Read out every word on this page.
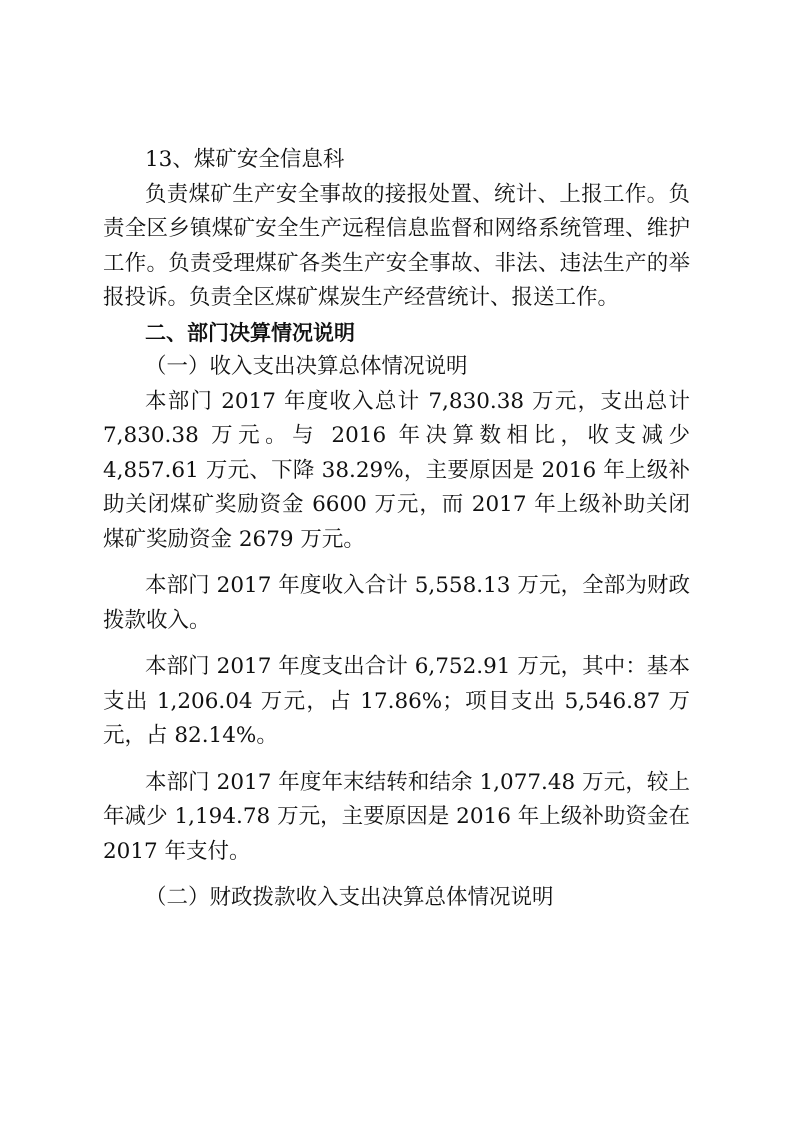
13、煤矿安全信息科

负责煤矿生产安全事故的接报处置、统计、上报工作。负责全区乡镇煤矿安全生产远程信息监督和网络系统管理、维护工作。负责受理煤矿各类生产安全事故、非法、违法生产的举报投诉。负责全区煤矿煤炭生产经营统计、报送工作。

二、部门决算情况说明

（一）收入支出决算总体情况说明

本部门 2017 年度收入总计 7,830.38 万元，支出总计 7,830.38 万元。与 2016 年决算数相比，收支减少 4,857.61 万元、下降 38.29%，主要原因是 2016 年上级补助关闭煤矿奖励资金 6600 万元，而 2017 年上级补助关闭煤矿奖励资金 2679 万元。

本部门 2017 年度收入合计 5,558.13 万元，全部为财政拨款收入。

本部门 2017 年度支出合计 6,752.91 万元，其中：基本支出 1,206.04 万元，占 17.86%；项目支出 5,546.87 万元，占 82.14%。

本部门 2017 年度年末结转和结余 1,077.48 万元，较上年减少 1,194.78 万元，主要原因是 2016 年上级补助资金在 2017 年支付。

（二）财政拨款收入支出决算总体情况说明
